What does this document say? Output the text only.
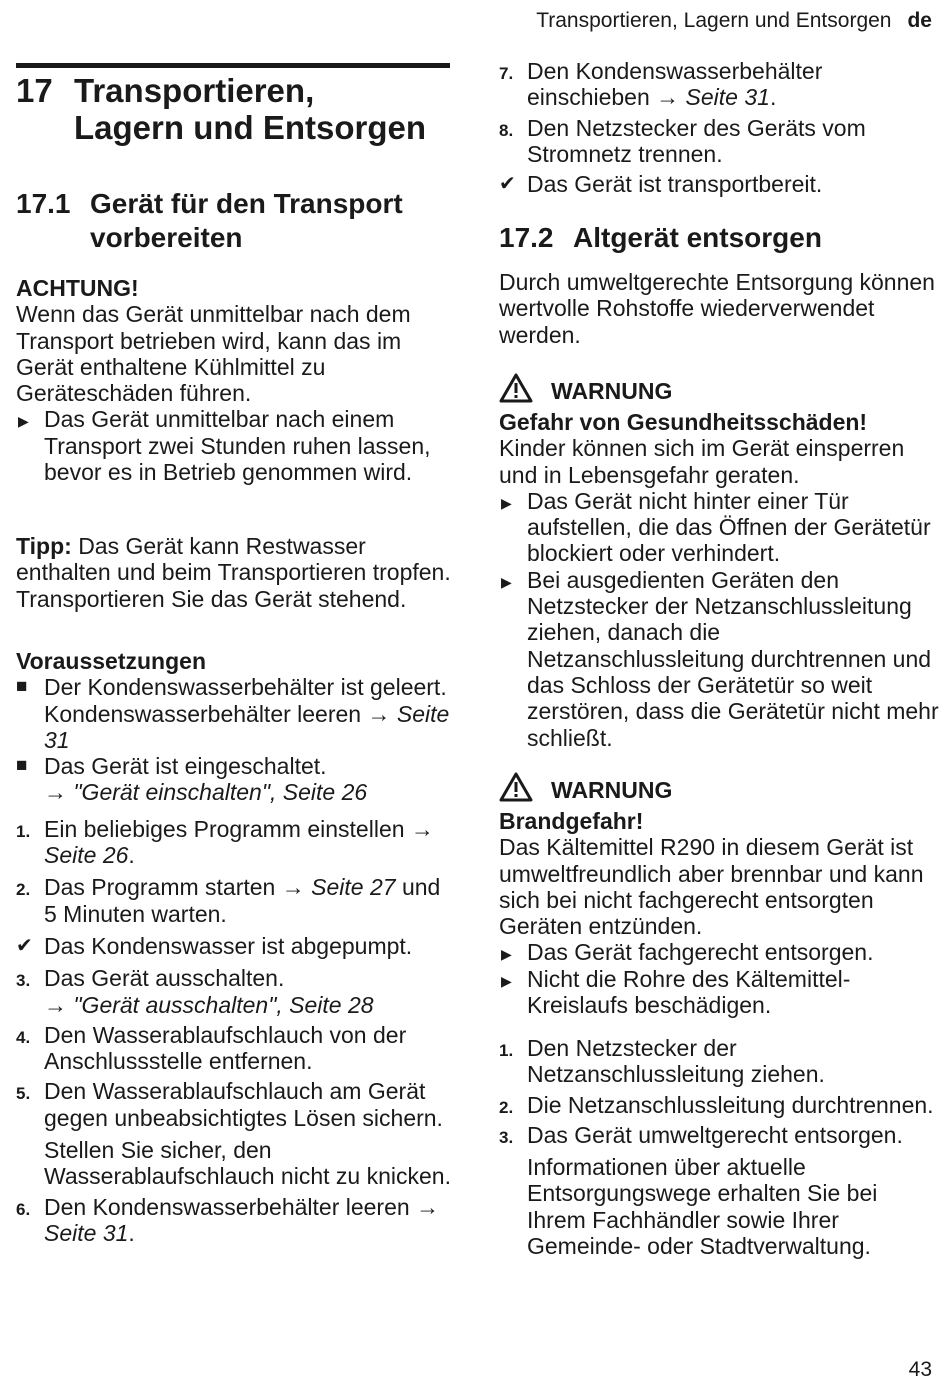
Transportieren, Lagern und Entsorgen de
17 Transportieren,
Lagern und Entsorgen
17.1 Gerät für den Transport
vorbereiten
ACHTUNG!
Wenn das Gerät unmittelbar nach dem Transport betrieben wird, kann das im Gerät enthaltene Kühlmittel zu Geräteschäden führen.
▶ Das Gerät unmittelbar nach einem Transport zwei Stunden ruhen lassen, bevor es in Betrieb genommen wird.
Tipp: Das Gerät kann Restwasser enthalten und beim Transportieren tropfen. Transportieren Sie das Gerät stehend.
Voraussetzungen
■ Der Kondenswasserbehälter ist geleert. Kondenswasserbehälter leeren → Seite 31
■ Das Gerät ist eingeschaltet.
→ "Gerät einschalten", Seite 26
1. Ein beliebiges Programm einstellen → Seite 26.
2. Das Programm starten → Seite 27 und 5 Minuten warten.
✔ Das Kondenswasser ist abgepumpt.
3. Das Gerät ausschalten.
→ "Gerät ausschalten", Seite 28
4. Den Wasserablaufschlauch von der Anschlussstelle entfernen.
5. Den Wasserablaufschlauch am Gerät gegen unbeabsichtigtes Lösen sichern.
Stellen Sie sicher, den Wasserablaufschlauch nicht zu knicken.
6. Den Kondenswasserbehälter leeren → Seite 31.
7. Den Kondenswasserbehälter einschieben → Seite 31.
8. Den Netzstecker des Geräts vom Stromnetz trennen.
✔ Das Gerät ist transportbereit.
17.2 Altgerät entsorgen
Durch umweltgerechte Entsorgung können wertvolle Rohstoffe wiederverwendet werden.
WARNUNG
Gefahr von Gesundheitsschäden!
Kinder können sich im Gerät einsperren und in Lebensgefahr geraten.
▶ Das Gerät nicht hinter einer Tür aufstellen, die das Öffnen der Gerätetür blockiert oder verhindert.
▶ Bei ausgedienten Geräten den Netzstecker der Netzanschlussleitung ziehen, danach die Netzanschlussleitung durchtrennen und das Schloss der Gerätetür so weit zerstören, dass die Gerätetür nicht mehr schließt.
WARNUNG
Brandgefahr!
Das Kältemittel R290 in diesem Gerät ist umweltfreundlich aber brennbar und kann sich bei nicht fachgerecht entsorgten Geräten entzünden.
▶ Das Gerät fachgerecht entsorgen.
▶ Nicht die Rohre des Kältemittel-Kreislaufs beschädigen.
1. Den Netzstecker der Netzanschlussleitung ziehen.
2. Die Netzanschlussleitung durchtrennen.
3. Das Gerät umweltgerecht entsorgen.
Informationen über aktuelle Entsorgungswege erhalten Sie bei Ihrem Fachhändler sowie Ihrer Gemeinde- oder Stadtverwaltung.
43
